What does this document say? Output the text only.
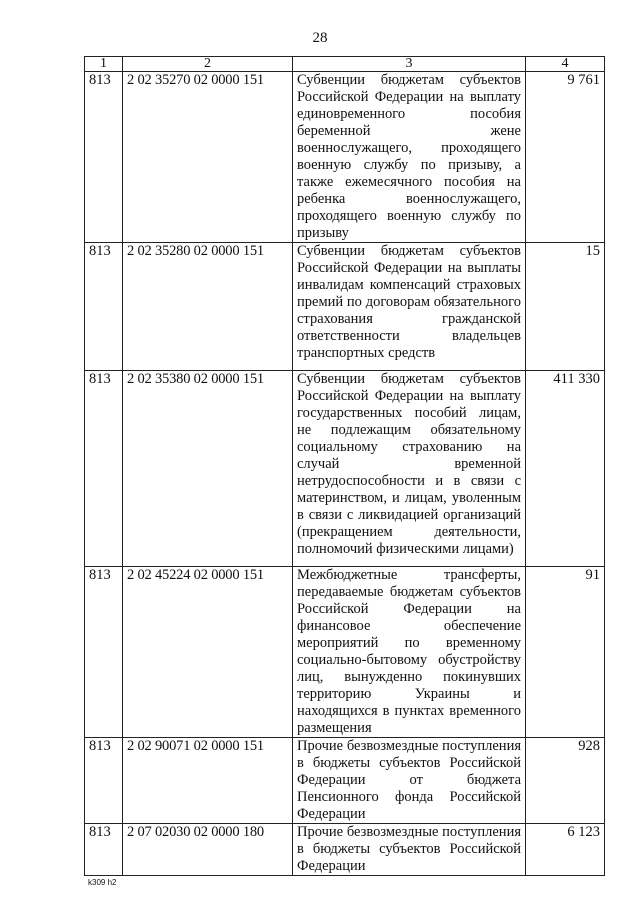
28
1	2	3	4
813	2 02 35270 02 0000 151	Субвенции бюджетам субъектов Российской Федерации на выплату единовременного пособия беременной жене военнослужащего, проходящего военную службу по призыву, а также ежемесячного пособия на ребенка военнослужащего, проходящего военную службу по призыву	9 761
813	2 02 35280 02 0000 151	Субвенции бюджетам субъектов Российской Федерации на выплаты инвалидам компенсаций страховых премий по договорам обязательного страхования гражданской ответственности владельцев транспортных средств	15
813	2 02 35380 02 0000 151	Субвенции бюджетам субъектов Российской Федерации на выплату государственных пособий лицам, не подлежащим обязательному социальному страхованию на случай временной нетрудоспособности и в связи с материнством, и лицам, уволенным в связи с ликвидацией организаций (прекращением деятельности, полномочий физическими лицами)	411 330
813	2 02 45224 02 0000 151	Межбюджетные трансферты, передаваемые бюджетам субъектов Российской Федерации на финансовое обеспечение мероприятий по временному социально-бытовому обустройству лиц, вынужденно покинувших территорию Украины и находящихся в пунктах временного размещения	91
813	2 02 90071 02 0000 151	Прочие безвозмездные поступления в бюджеты субъектов Российской Федерации от бюджета Пенсионного фонда Российской Федерации	928
813	2 07 02030 02 0000 180	Прочие безвозмездные поступления в бюджеты субъектов Российской Федерации	6 123
k309 h2
